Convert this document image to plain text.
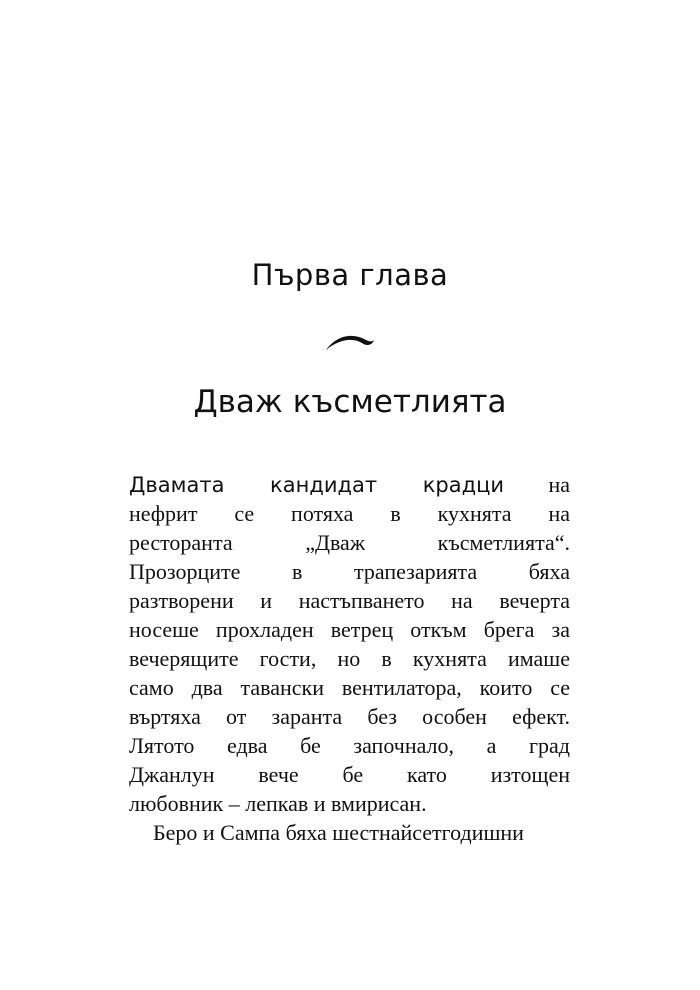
Първа глава
Дваж късметлията
Двамата кандидат крадци на
нефрит се потяха в кухнята на
ресторанта „Дваж късметлията“.
Прозорците в трапезарията бяха
разтворени и настъпването на вечерта
носеше прохладен ветрец откъм брега за
вечерящите гости, но в кухнята имаше
само два тавански вентилатора, които се
въртяха от заранта без особен ефект.
Лятото едва бе започнало, а град
Джанлун вече бе като изтощен
любовник – лепкав и вмирисан.
Беро и Сампа бяха шестнайсетгодишни
